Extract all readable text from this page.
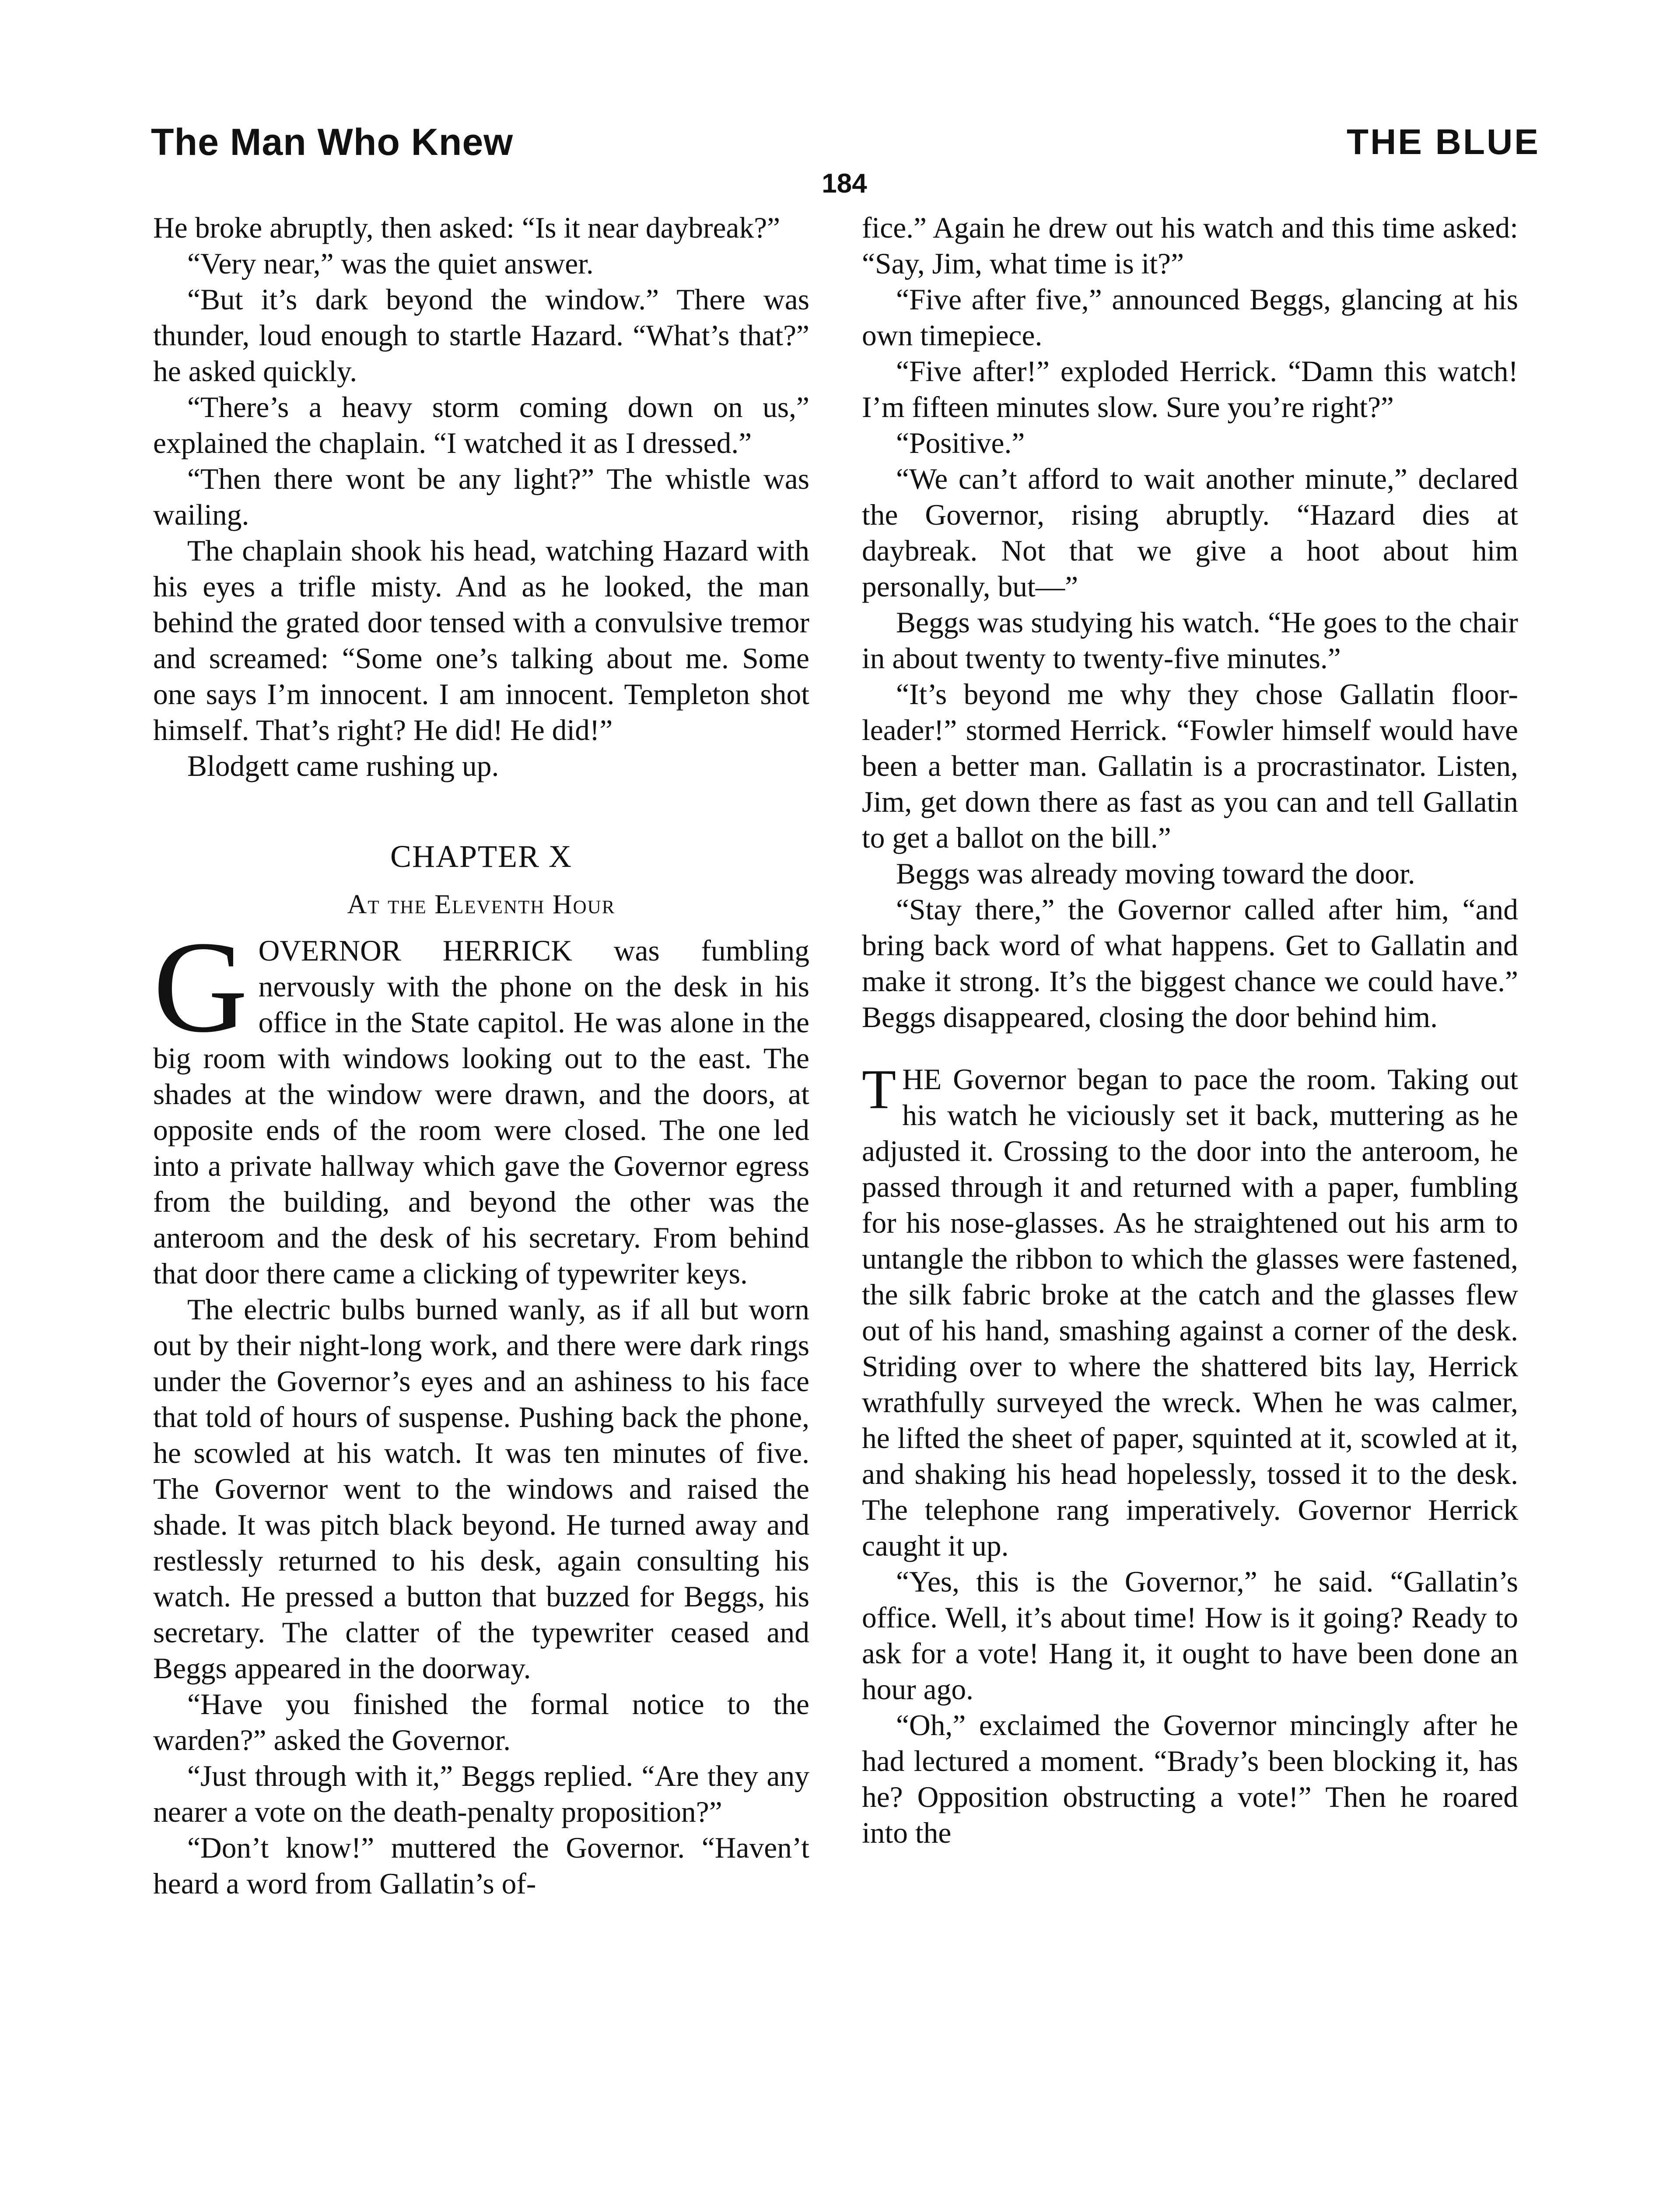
The Man Who Knew	THE BLUE
184

He broke abruptly, then asked: “Is it near daybreak?”

“Very near,” was the quiet answer.

“But it’s dark beyond the window.” There was thunder, loud enough to startle Hazard. “What’s that?” he asked quickly.

“There’s a heavy storm coming down on us,” explained the chaplain. “I watched it as I dressed.”

“Then there wont be any light?” The whistle was wailing.

The chaplain shook his head, watching Hazard with his eyes a trifle misty. And as he looked, the man behind the grated door tensed with a convulsive tremor and screamed: “Some one’s talking about me. Some one says I’m innocent. I am innocent. Templeton shot himself. That’s right? He did! He did!”

Blodgett came rushing up.

CHAPTER X
At the Eleventh Hour

GOVERNOR HERRICK was fumbling nervously with the phone on the desk in his office in the State capitol. He was alone in the big room with windows looking out to the east. The shades at the window were drawn, and the doors, at opposite ends of the room were closed. The one led into a private hallway which gave the Governor egress from the building, and beyond the other was the anteroom and the desk of his secretary. From behind that door there came a clicking of typewriter keys.

The electric bulbs burned wanly, as if all but worn out by their night-long work, and there were dark rings under the Governor’s eyes and an ashiness to his face that told of hours of suspense. Pushing back the phone, he scowled at his watch. It was ten minutes of five. The Governor went to the windows and raised the shade. It was pitch black beyond. He turned away and restlessly returned to his desk, again consulting his watch. He pressed a button that buzzed for Beggs, his secretary. The clatter of the typewriter ceased and Beggs appeared in the doorway.

“Have you finished the formal notice to the warden?” asked the Governor.

“Just through with it,” Beggs replied. “Are they any nearer a vote on the death-penalty proposition?”

“Don’t know!” muttered the Governor. “Haven’t heard a word from Gallatin’s of-

fice.” Again he drew out his watch and this time asked: “Say, Jim, what time is it?”

“Five after five,” announced Beggs, glancing at his own timepiece.

“Five after!” exploded Herrick. “Damn this watch! I’m fifteen minutes slow. Sure you’re right?”

“Positive.”

“We can’t afford to wait another minute,” declared the Governor, rising abruptly. “Hazard dies at daybreak. Not that we give a hoot about him personally, but—”

Beggs was studying his watch. “He goes to the chair in about twenty to twenty-five minutes.”

“It’s beyond me why they chose Gallatin floor-leader!” stormed Herrick. “Fowler himself would have been a better man. Gallatin is a procrastinator. Listen, Jim, get down there as fast as you can and tell Gallatin to get a ballot on the bill.”

Beggs was already moving toward the door.

“Stay there,” the Governor called after him, “and bring back word of what happens. Get to Gallatin and make it strong. It’s the biggest chance we could have.” Beggs disappeared, closing the door behind him.

THE Governor began to pace the room. Taking out his watch he viciously set it back, muttering as he adjusted it. Crossing to the door into the anteroom, he passed through it and returned with a paper, fumbling for his nose-glasses. As he straightened out his arm to untangle the ribbon to which the glasses were fastened, the silk fabric broke at the catch and the glasses flew out of his hand, smashing against a corner of the desk. Striding over to where the shattered bits lay, Herrick wrathfully surveyed the wreck. When he was calmer, he lifted the sheet of paper, squinted at it, scowled at it, and shaking his head hopelessly, tossed it to the desk. The telephone rang imperatively. Governor Herrick caught it up.

“Yes, this is the Governor,” he said. “Gallatin’s office. Well, it’s about time! How is it going? Ready to ask for a vote! Hang it, it ought to have been done an hour ago.

“Oh,” exclaimed the Governor mincingly after he had lectured a moment. “Brady’s been blocking it, has he? Opposition obstructing a vote!” Then he roared into the
